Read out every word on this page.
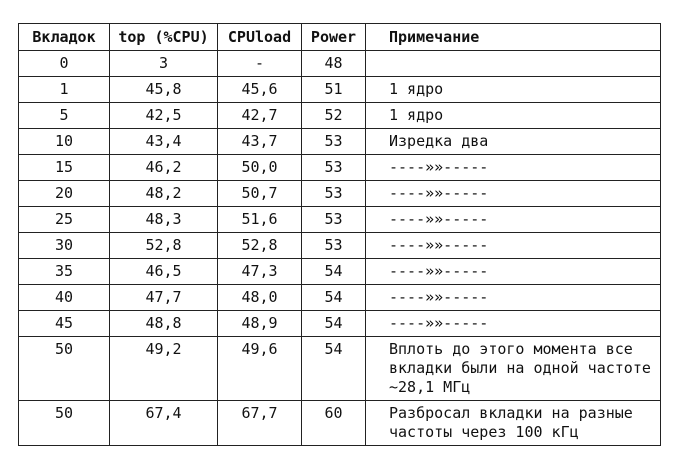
Вкладок	top (%CPU)	CPUload	Power	Примечание
0	3	-	48	
1	45,8	45,6	51	1 ядро
5	42,5	42,7	52	1 ядро
10	43,4	43,7	53	Изредка два
15	46,2	50,0	53	----»»-----
20	48,2	50,7	53	----»»-----
25	48,3	51,6	53	----»»-----
30	52,8	52,8	53	----»»-----
35	46,5	47,3	54	----»»-----
40	47,7	48,0	54	----»»-----
45	48,8	48,9	54	----»»-----
50	49,2	49,6	54	Вплоть до этого момента все вкладки были на одной частоте ~28,1 МГц
50	67,4	67,7	60	Разбросал вкладки на разные частоты через 100 кГц
